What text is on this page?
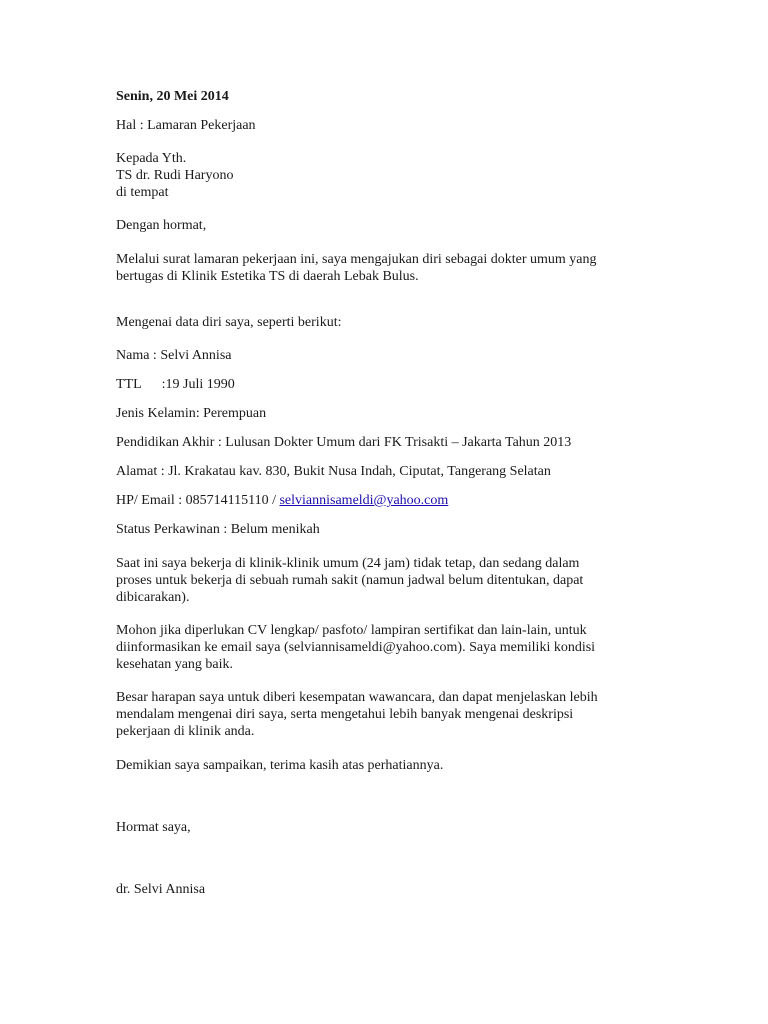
Senin, 20 Mei 2014
Hal : Lamaran Pekerjaan
Kepada Yth.
TS dr. Rudi Haryono
di tempat
Dengan hormat,
Melalui surat lamaran pekerjaan ini, saya mengajukan diri sebagai dokter umum yang
bertugas di Klinik Estetika TS di daerah Lebak Bulus.
Mengenai data diri saya, seperti berikut:
Nama : Selvi Annisa
TTL :19 Juli 1990
Jenis Kelamin: Perempuan
Pendidikan Akhir : Lulusan Dokter Umum dari FK Trisakti – Jakarta Tahun 2013
Alamat : Jl. Krakatau kav. 830, Bukit Nusa Indah, Ciputat, Tangerang Selatan
HP/ Email : 085714115110 / selviannisameldi@yahoo.com
Status Perkawinan : Belum menikah
Saat ini saya bekerja di klinik-klinik umum (24 jam) tidak tetap, dan sedang dalam
proses untuk bekerja di sebuah rumah sakit (namun jadwal belum ditentukan, dapat
dibicarakan).
Mohon jika diperlukan CV lengkap/ pasfoto/ lampiran sertifikat dan lain-lain, untuk
diinformasikan ke email saya (selviannisameldi@yahoo.com). Saya memiliki kondisi
kesehatan yang baik.
Besar harapan saya untuk diberi kesempatan wawancara, dan dapat menjelaskan lebih
mendalam mengenai diri saya, serta mengetahui lebih banyak mengenai deskripsi
pekerjaan di klinik anda.
Demikian saya sampaikan, terima kasih atas perhatiannya.
Hormat saya,
dr. Selvi Annisa
